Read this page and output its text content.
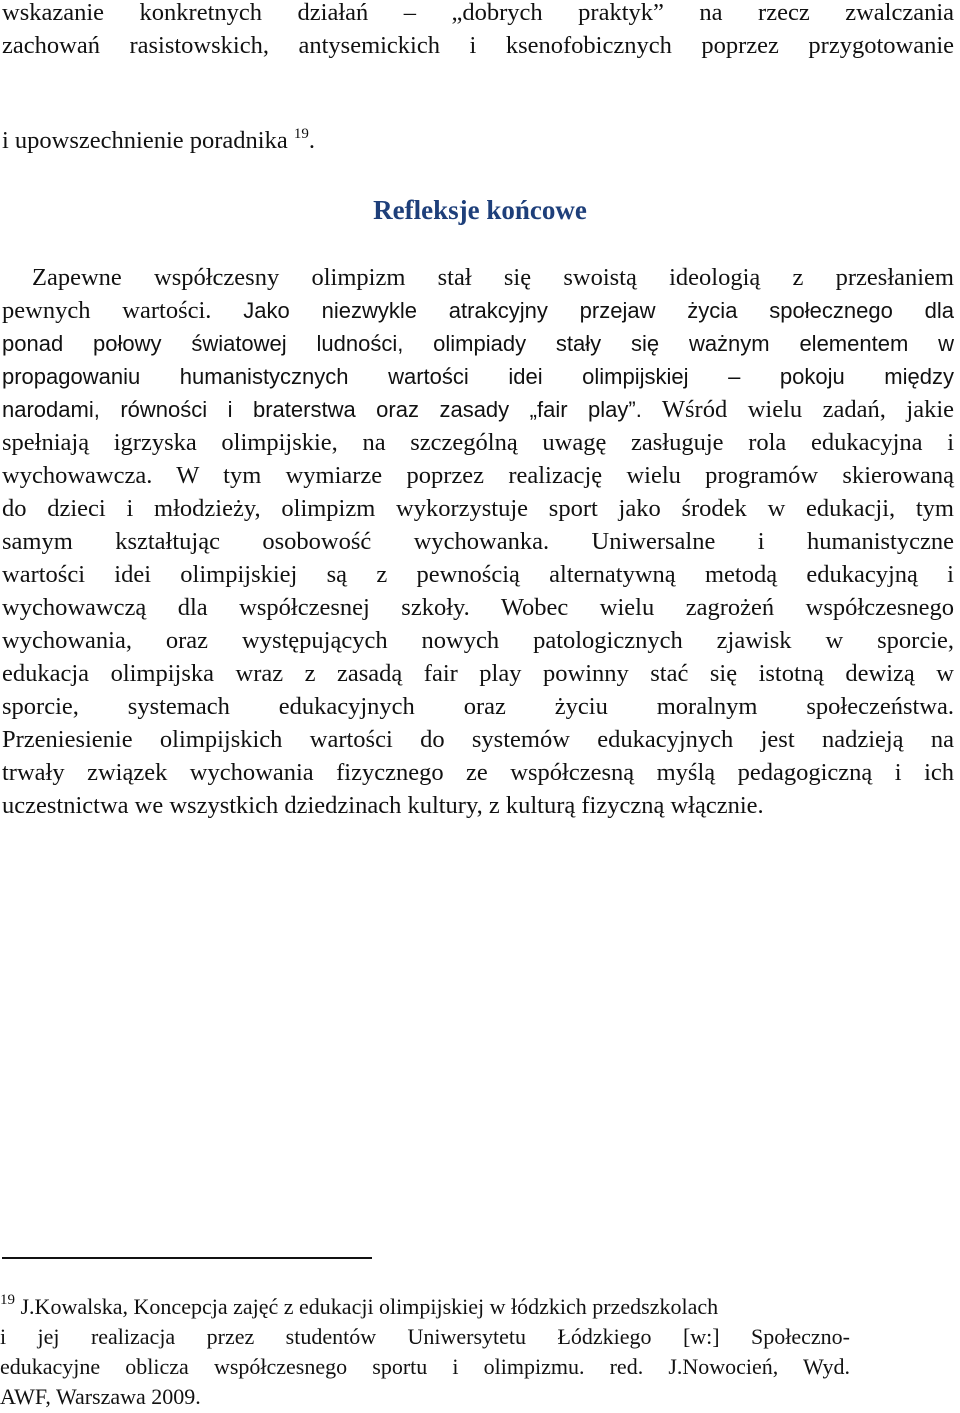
wskazanie konkretnych działań – „dobrych praktyk” na rzecz zwalczania
zachowań rasistowskich, antysemickich i ksenofobicznych poprzez przygotowanie
i upowszechnienie poradnika $^{19}$.
Refleksje końcowe
Zapewne współczesny olimpizm stał się swoistą ideologią z przesłaniem
pewnych wartości. Jako niezwykle atrakcyjny przejaw życia społecznego dla
ponad połowy światowej ludności, olimpiady stały się ważnym elementem w
propagowaniu humanistycznych wartości idei olimpijskiej – pokoju między
narodami, równości i braterstwa oraz zasady „fair play”. Wśród wielu zadań, jakie
spełniają igrzyska olimpijskie, na szczególną uwagę zasługuje rola edukacyjna i
wychowawcza. W tym wymiarze poprzez realizację wielu programów skierowaną
do dzieci i młodzieży, olimpizm wykorzystuje sport jako środek w edukacji, tym
samym kształtując osobowość wychowanka. Uniwersalne i humanistyczne
wartości idei olimpijskiej są z pewnością alternatywną metodą edukacyjną i
wychowawczą dla współczesnej szkoły. Wobec wielu zagrożeń współczesnego
wychowania, oraz występujących nowych patologicznych zjawisk w sporcie,
edukacja olimpijska wraz z zasadą fair play powinny stać się istotną dewizą w
sporcie, systemach edukacyjnych oraz życiu moralnym społeczeństwa.
Przeniesienie olimpijskich wartości do systemów edukacyjnych jest nadzieją na
trwały związek wychowania fizycznego ze współczesną myślą pedagogiczną i ich
uczestnictwa we wszystkich dziedzinach kultury, z kulturą fizyczną włącznie.
$^{19}$ J.Kowalska, Koncepcja zajęć z edukacji olimpijskiej w łódzkich przedszkolach
i jej realizacja przez studentów Uniwersytetu Łódzkiego [w:] Społeczno-
edukacyjne oblicza współczesnego sportu i olimpizmu. red. J.Nowocień, Wyd.
AWF, Warszawa 2009.
